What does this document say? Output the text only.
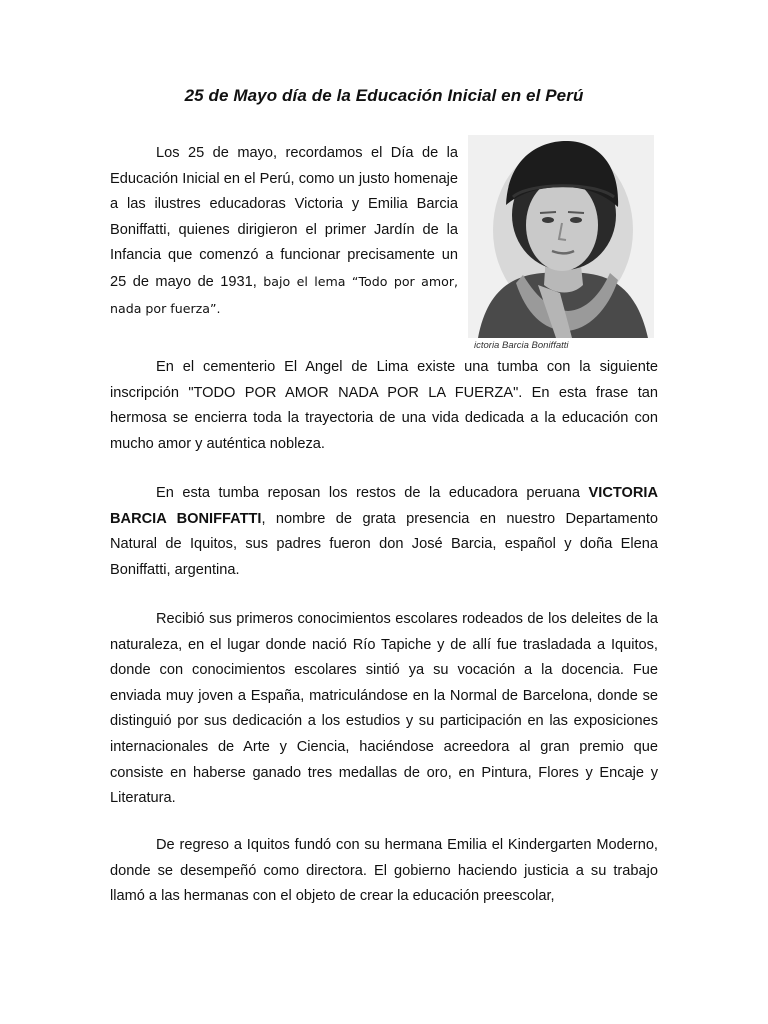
25 de Mayo día de la Educación Inicial en el Perú

Los 25 de mayo, recordamos el Día de la Educación Inicial en el Perú, como un justo homenaje a las ilustres educadoras Victoria y Emilia Barcia Boniffatti, quienes dirigieron el primer Jardín de la Infancia que comenzó a funcionar precisamente un 25 de mayo de 1931, bajo el lema “Todo por amor, nada por fuerza”.

ictoria Barcia Boniffatti

En el cementerio El Angel de Lima existe una tumba con la siguiente inscripción "TODO POR AMOR NADA POR LA FUERZA". En esta frase tan hermosa se encierra toda la trayectoria de una vida dedicada a la educación con mucho amor y auténtica nobleza.

En esta tumba reposan los restos de la educadora peruana VICTORIA BARCIA BONIFFATTI, nombre de grata presencia en nuestro Departamento Natural de Iquitos, sus padres fueron don José Barcia, español y doña Elena Boniffatti, argentina.

Recibió sus primeros conocimientos escolares rodeados de los deleites de la naturaleza, en el lugar donde nació Río Tapiche y de allí fue trasladada a Iquitos, donde con conocimientos escolares sintió ya su vocación a la docencia. Fue enviada muy joven a España, matriculándose en la Normal de Barcelona, donde se distinguió por sus dedicación a los estudios y su participación en las exposiciones internacionales de Arte y Ciencia, haciéndose acreedora al gran premio que consiste en haberse ganado tres medallas de oro, en Pintura, Flores y Encaje y Literatura.

De regreso a Iquitos fundó con su hermana Emilia el Kindergarten Moderno, donde se desempeñó como directora. El gobierno haciendo justicia a su trabajo llamó a las hermanas con el objeto de crear la educación preescolar,
